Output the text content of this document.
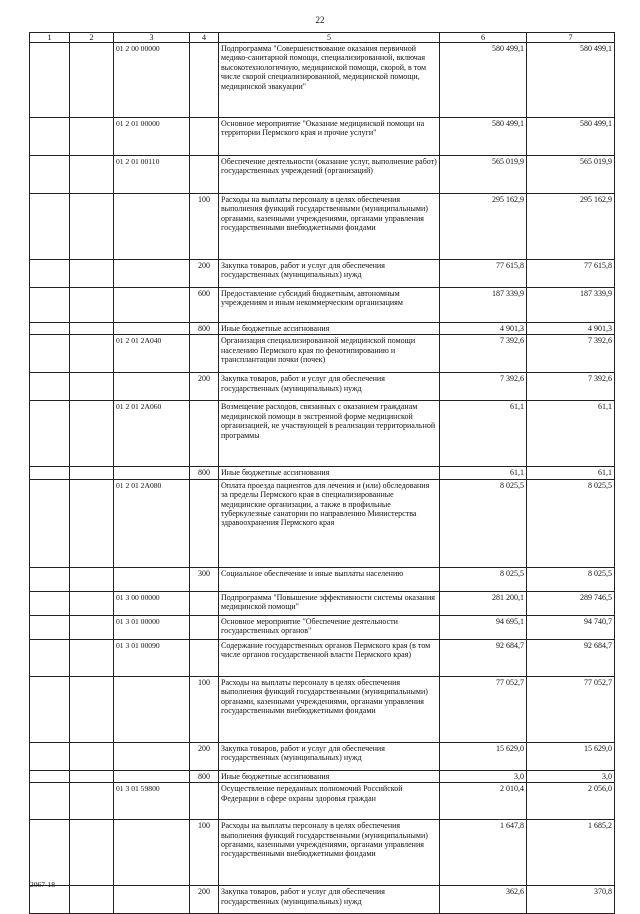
22
1	2	3	4	5	6	7
		01 2 00 00000		Подпрограмма "Совершенствование оказания первичной медико-санитарной помощи, специализированной, включая высокотехнологичную, медицинской помощи, скорой, в том числе скорой специализированной, медицинской помощи, медицинской эвакуации"	580 499,1	580 499,1
		01 2 01 00000		Основное мероприятие "Оказание медицинской помощи на территории Пермского края и прочие услуги"	580 499,1	580 499,1
		01 2 01 00110		Обеспечение деятельности (оказание услуг, выполнение работ) государственных учреждений (организаций)	565 019,9	565 019,9
			100	Расходы на выплаты персоналу в целях обеспечения выполнения функций государственными (муниципальными) органами, казенными учреждениями, органами управления государственными внебюджетными фондами	295 162,9	295 162,9
			200	Закупка товаров, работ и услуг для обеспечения государственных (муниципальных) нужд	77 615,8	77 615,8
			600	Предоставление субсидий бюджетным, автономным учреждениям и иным некоммерческим организациям	187 339,9	187 339,9
			800	Иные бюджетные ассигнования	4 901,3	4 901,3
		01 2 01 2А040		Организация специализированной медицинской помощи населению Пермского края по фенотипированию и трансплантации почки (почек)	7 392,6	7 392,6
			200	Закупка товаров, работ и услуг для обеспечения государственных (муниципальных) нужд	7 392,6	7 392,6
		01 2 01 2А060		Возмещение расходов, связанных с оказанием гражданам медицинской помощи в экстренной форме медицинской организацией, не участвующей в реализации территориальной программы	61,1	61,1
			800	Иные бюджетные ассигнования	61,1	61,1
		01 2 01 2А080		Оплата проезда пациентов для лечения и (или) обследования за пределы Пермского края в специализированные медицинские организации, а также в профильные туберкулезные санатории по направлению Министерства здравоохранения Пермского края	8 025,5	8 025,5
			300	Социальное обеспечение и иные выплаты населению	8 025,5	8 025,5
		01 3 00 00000		Подпрограмма "Повышение эффективности системы оказания медицинской помощи"	281 200,1	289 746,5
		01 3 01 00000		Основное мероприятие "Обеспечение деятельности государственных органов"	94 695,1	94 740,7
		01 3 01 00090		Содержание государственных органов Пермского края (в том числе органов государственной власти Пермского края)	92 684,7	92 684,7
			100	Расходы на выплаты персоналу в целях обеспечения выполнения функций государственными (муниципальными) органами, казенными учреждениями, органами управления государственными внебюджетными фондами	77 052,7	77 052,7
			200	Закупка товаров, работ и услуг для обеспечения государственных (муниципальных) нужд	15 629,0	15 629,0
			800	Иные бюджетные ассигнования	3,0	3,0
		01 3 01 59800		Осуществление переданных полномочий Российской Федерации в сфере охраны здоровья граждан	2 010,4	2 056,0
			100	Расходы на выплаты персоналу в целях обеспечения выполнения функций государственными (муниципальными) органами, казенными учреждениями, органами управления государственными внебюджетными фондами	1 647,8	1 685,2
			200	Закупка товаров, работ и услуг для обеспечения государственных (муниципальных) нужд	362,6	370,8
2067-18
